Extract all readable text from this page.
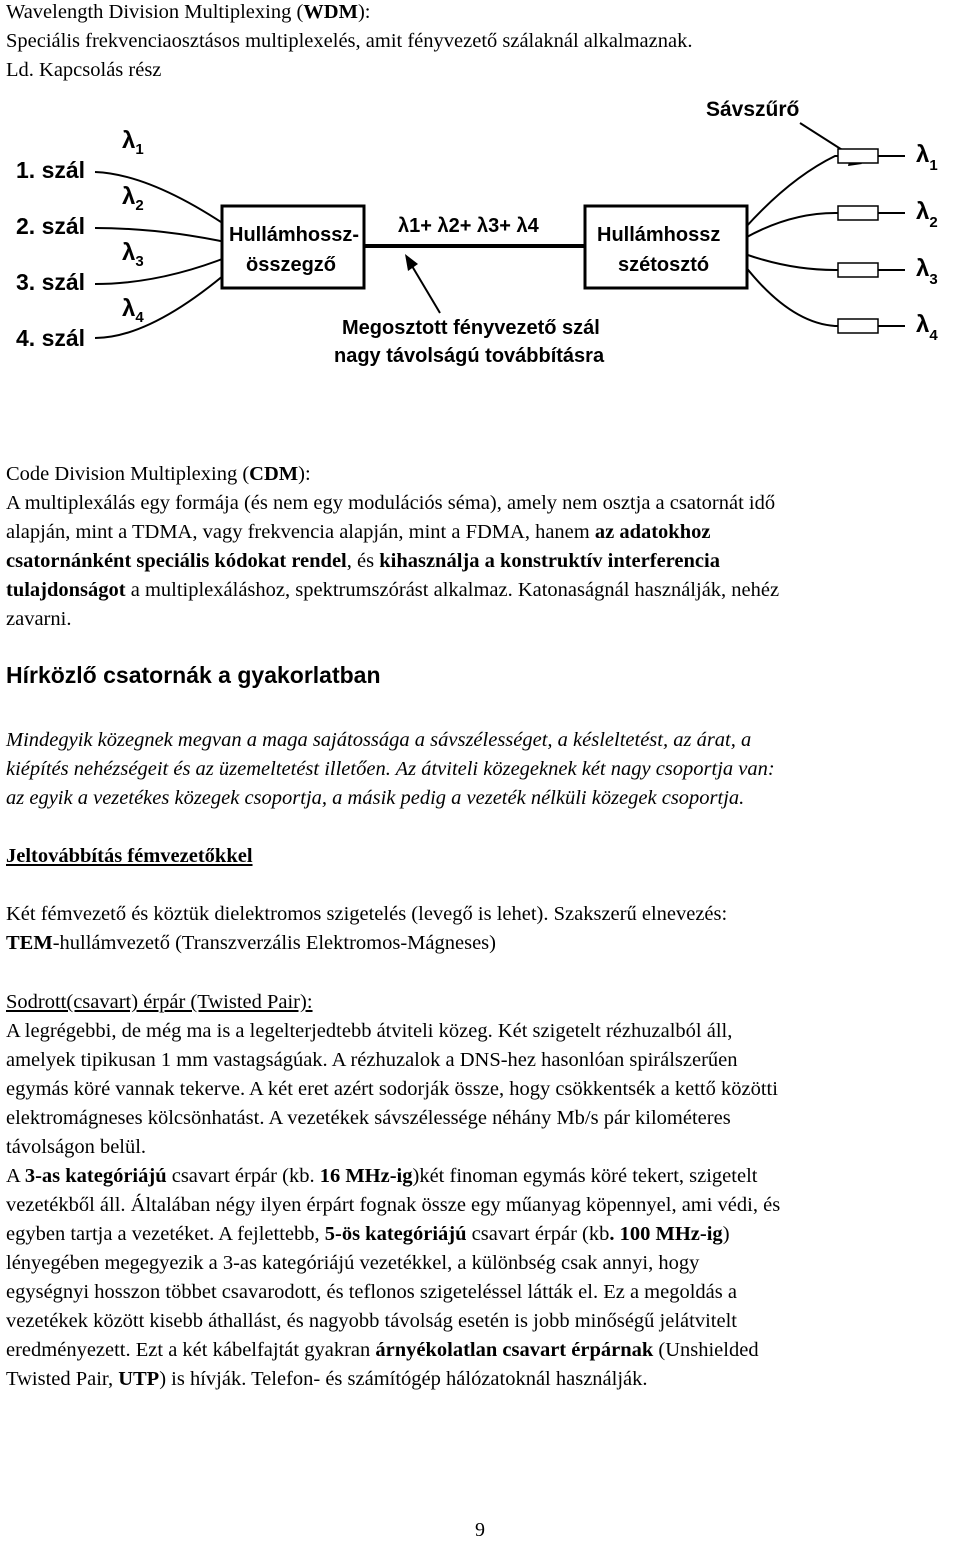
Wavelength Division Multiplexing (WDM):
Speciális frekvenciaosztásos multiplexelés, amit fényvezető szálaknál alkalmaznak.
Ld. Kapcsolás rész
1. szál
2. szál
3. szál
4. szál
$\lambda_1$
$\lambda_2$
$\lambda_3$
$\lambda_4$
$\lambda_1$
$\lambda_2$
$\lambda_3$
$\lambda_4$
Hullámhossz-
összegző
Hullámhossz
szétosztó
λ1+ λ2+ λ3+ λ4
Sávszűrő
Megosztott fényvezető szál
nagy távolságú továbbításra
Code Division Multiplexing (CDM):
A multiplexálás egy formája (és nem egy modulációs séma), amely nem osztja a csatornát idő
alapján, mint a TDMA, vagy frekvencia alapján, mint a FDMA, hanem az adatokhoz
csatornánként speciális kódokat rendel, és kihasználja a konstruktív interferencia
tulajdonságot a multiplexáláshoz, spektrumszórást alkalmaz. Katonaságnál használják, nehéz
zavarni.
Hírközlő csatornák a gyakorlatban
Mindegyik közegnek megvan a maga sajátossága a sávszélességet, a késleltetést, az árat, a
kiépítés nehézségeit és az üzemeltetést illetően. Az átviteli közegeknek két nagy csoportja van:
az egyik a vezetékes közegek csoportja, a másik pedig a vezeték nélküli közegek csoportja.
Jeltovábbítás fémvezetőkkel
Két fémvezető és köztük dielektromos szigetelés (levegő is lehet). Szakszerű elnevezés:
TEM-hullámvezető (Transzverzális Elektromos-Mágneses)
Sodrott(csavart) érpár (Twisted Pair):
A legrégebbi, de még ma is a legelterjedtebb átviteli közeg. Két szigetelt rézhuzalból áll,
amelyek tipikusan 1 mm vastagságúak. A rézhuzalok a DNS-hez hasonlóan spirálszerűen
egymás köré vannak tekerve. A két eret azért sodorják össze, hogy csökkentsék a kettő közötti
elektromágneses kölcsönhatást. A vezetékek sávszélessége néhány Mb/s pár kilométeres
távolságon belül.
A 3-as kategóriájú csavart érpár (kb. 16 MHz-ig)két finoman egymás köré tekert, szigetelt
vezetékből áll. Általában négy ilyen érpárt fognak össze egy műanyag köpennyel, ami védi, és
egyben tartja a vezetéket. A fejlettebb, 5-ös kategóriájú csavart érpár (kb. 100 MHz-ig)
lényegében megegyezik a 3-as kategóriájú vezetékkel, a különbség csak annyi, hogy
egységnyi hosszon többet csavarodott, és teflonos szigeteléssel látták el. Ez a megoldás a
vezetékek között kisebb áthallást, és nagyobb távolság esetén is jobb minőségű jelátvitelt
eredményezett. Ezt a két kábelfajtát gyakran árnyékolatlan csavart érpárnak (Unshielded
Twisted Pair, UTP) is hívják. Telefon- és számítógép hálózatoknál használják.
9
